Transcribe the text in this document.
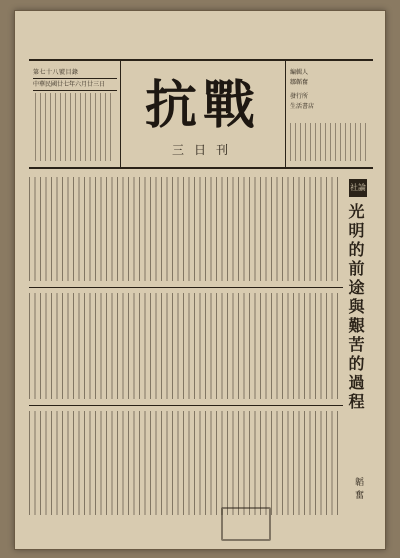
第七十八號目錄
中華民國廿七年六月廿三日 抗戰
三日刊
編輯人
鄒韜奮
發行所
生活書店
社論
光明的前途與艱苦的過程
韜奮
